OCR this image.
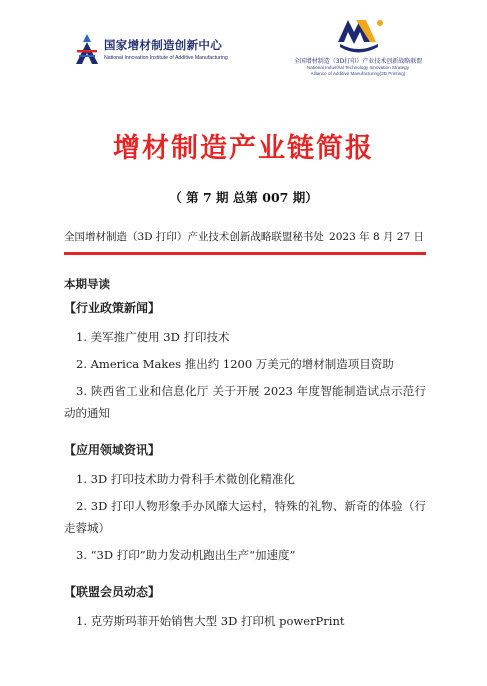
国家增材制造创新中心
National Innovation Institute of Additive Manufacturing	全国增材制造（3D打印）产业技术创新战略联盟
National Industrial Technology Innovation Strategy
Alliance of Additive Manufacturing(3D Printing)
增材制造产业链简报
（ 第 7 期 总第 007 期）
全国增材制造（3D 打印）产业技术创新战略联盟秘书处 2023 年 8 月 27 日
本期导读
【行业政策新闻】
1. 美军推广使用 3D 打印技术
2. America Makes 推出约 1200 万美元的增材制造项目资助
3. 陕西省工业和信息化厅 关于开展 2023 年度智能制造试点示范行动的通知
【应用领域资讯】
1. 3D 打印技术助力骨科手术微创化精准化
2. 3D 打印人物形象手办风靡大运村，特殊的礼物、新奇的体验（行走蓉城）
3. “3D 打印”助力发动机跑出生产“加速度”
【联盟会员动态】
1. 克劳斯玛菲开始销售大型 3D 打印机 powerPrint
